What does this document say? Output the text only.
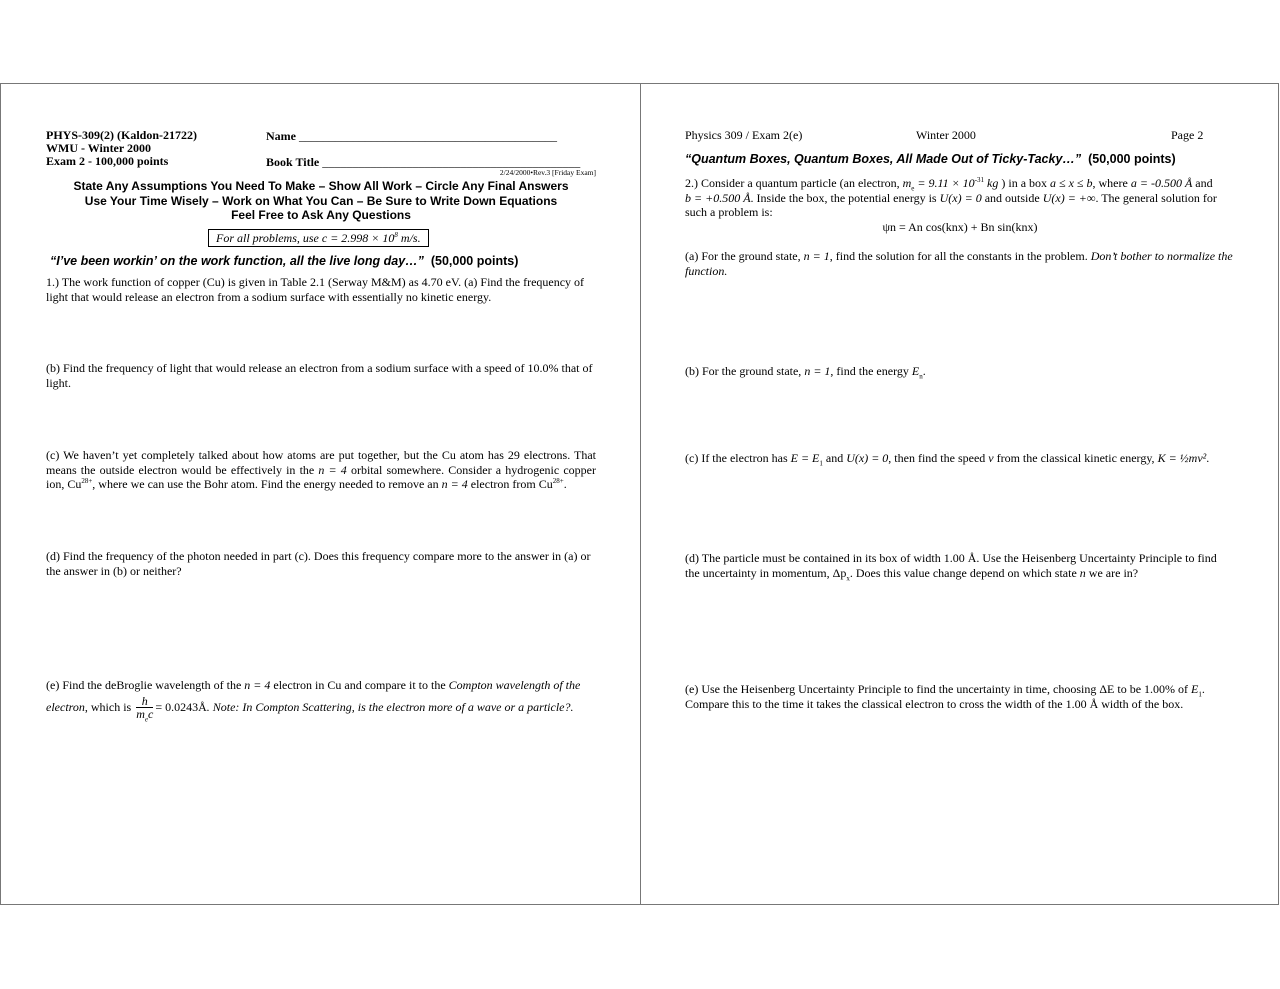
PHYS-309(2) (Kaldon-21722)
WMU - Winter 2000
Exam 2 - 100,000 points
Name ___________________________________________
Book Title ___________________________________________
2/24/2000•Rev.3 [Friday Exam]
State Any Assumptions You Need To Make – Show All Work – Circle Any Final Answers
Use Your Time Wisely – Work on What You Can – Be Sure to Write Down Equations
Feel Free to Ask Any Questions
For all problems, use $c = 2.998 \times 10^8$ m/s.
“I’ve been workin’ on the work function, all the live long day…” (50,000 points)
1.) The work function of copper (Cu) is given in Table 2.1 (Serway M&M) as 4.70 eV. (a) Find the frequency of light that would release an electron from a sodium surface with essentially no kinetic energy.
(b) Find the frequency of light that would release an electron from a sodium surface with a speed of 10.0% that of light.
(c) We haven’t yet completely talked about how atoms are put together, but the Cu atom has 29 electrons. That means the outside electron would be effectively in the n = 4 orbital somewhere. Consider a hydrogenic copper ion, $Cu^{28+}$, where we can use the Bohr atom. Find the energy needed to remove an n = 4 electron from $Cu^{28+}$.
(d) Find the frequency of the photon needed in part (c). Does this frequency compare more to the answer in (a) or the answer in (b) or neither?
(e) Find the deBroglie wavelength of the n = 4 electron in Cu and compare it to the Compton wavelength of the
electron, which is $\frac{h}{m_ec}$ = 0.0243Å. Note: In Compton Scattering, is the electron more of a wave or a particle?.
Physics 309 / Exam 2(e)	Winter 2000	Page 2
“Quantum Boxes, Quantum Boxes, All Made Out of Ticky-Tacky…” (50,000 points)
2.) Consider a quantum particle (an electron, $m_e = 9.11 \times 10^{-31}$ kg ) in a box a ≤ x ≤ b, where a = -0.500 Å and
b = +0.500 Å. Inside the box, the potential energy is U(x) = 0 and outside U(x) = +∞. The general solution for such a problem is:
ψn = An cos(knx) + Bn sin(knx)
(a) For the ground state, n = 1, find the solution for all the constants in the problem. Don’t bother to normalize the function.
(b) For the ground state, n = 1, find the energy $E_n$.
(c) If the electron has $E = E_1$ and U(x) = 0, then find the speed v from the classical kinetic energy, K = ½mv².
(d) The particle must be contained in its box of width 1.00 Å. Use the Heisenberg Uncertainty Principle to find the uncertainty in momentum, $\Delta p_x$. Does this value change depend on which state n we are in?
(e) Use the Heisenberg Uncertainty Principle to find the uncertainty in time, choosing ΔE to be 1.00% of $E_1$. Compare this to the time it takes the classical electron to cross the width of the 1.00 Å width of the box.
